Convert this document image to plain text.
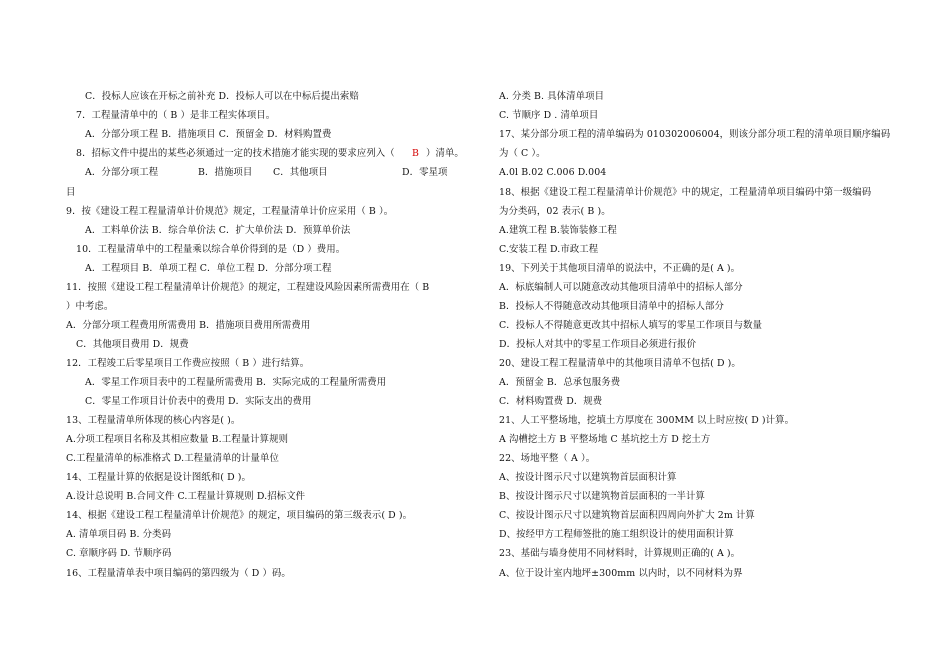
C．投标人应该在开标之前补充 D．投标人可以在中标后提出索赔
7．工程量清单中的（ B ）是非工程实体项目。
A．分部分项工程 B．措施项目 C．预留金 D．材料购置费
8．招标文件中提出的某些必须通过一定的技术措施才能实现的要求应列入（ B ）清单。
A．分部分项工程	B．措施项目 C．其他项目	D．零星项
目
9．按《建设工程工程量清单计价规范》规定，工程量清单计价应采用（ B ）。
A．工料单价法 B．综合单价法 C．扩大单价法 D．预算单价法
10．工程量清单中的工程量乘以综合单价得到的是（D ）费用。
A．工程项目 B．单项工程 C．单位工程 D．分部分项工程
11．按照《建设工程工程量清单计价规范》的规定，工程建设风险因素所需费用在（ B
）中考虑。
A．分部分项工程费用所需费用 B．措施项目费用所需费用
C．其他项目费用 D．规费
12．工程竣工后零星项目工作费应按照（ B ）进行结算。
A．零星工作项目表中的工程量所需费用 B．实际完成的工程量所需费用
C．零星工作项目计价表中的费用 D．实际支出的费用
13、工程量清单所体现的核心内容是( )。
A.分项工程项目名称及其相应数量 B.工程量计算规则
C.工程量清单的标准格式 D.工程量清单的计量单位
14、工程量计算的依据是设计图纸和( D )。
A.设计总说明 B.合同文件 C.工程量计算规则 D.招标文件
14、根据《建设工程工程量清单计价规范》的规定，项目编码的第三级表示( D )。
A. 清单项目码 B. 分类码
C. 章顺序码 D. 节顺序码
16、工程量清单表中项目编码的第四级为（ D ）码。
A. 分类 B. 具体清单项目
C. 节顺序 D . 清单项目
17、某分部分项工程的清单编码为 010302006004，则该分部分项工程的清单项目顺序编码
为（ C ）。
A.0l B.02 C.006 D.004
18、根据《建设工程工程量清单计价规范》中的规定，工程量清单项目编码中第一级编码
为分类码，02 表示( B )。
A.建筑工程 B.装饰装修工程
C.安装工程 D.市政工程
19、下列关于其他项目清单的说法中，不正确的是( A )。
A．标底编制人可以随意改动其他项目清单中的招标人部分
B．投标人不得随意改动其他项目清单中的招标人部分
C．投标人不得随意更改其中招标人填写的零星工作项目与数量
D．投标人对其中的零星工作项目必须进行报价
20、建设工程工程量清单中的其他项目清单不包括( D )。
A．预留金 B．总承包服务费
C．材料购置费 D．规费
21、人工平整场地，挖填土方厚度在 300MM 以上时应按( D )计算。
A 沟槽挖土方 B 平整场地 C 基坑挖土方 D 挖土方
22、场地平整（ A ）。
A、按设计图示尺寸以建筑物首层面积计算
B、按设计图示尺寸以建筑物首层面积的一半计算
C、按设计图示尺寸以建筑物首层面积四周向外扩大 2m 计算
D、按经甲方工程师签批的施工组织设计的使用面积计算
23、基础与墙身使用不同材料时，计算规则正确的( A )。
A、位于设计室内地坪±300mm 以内时，以不同材料为界
